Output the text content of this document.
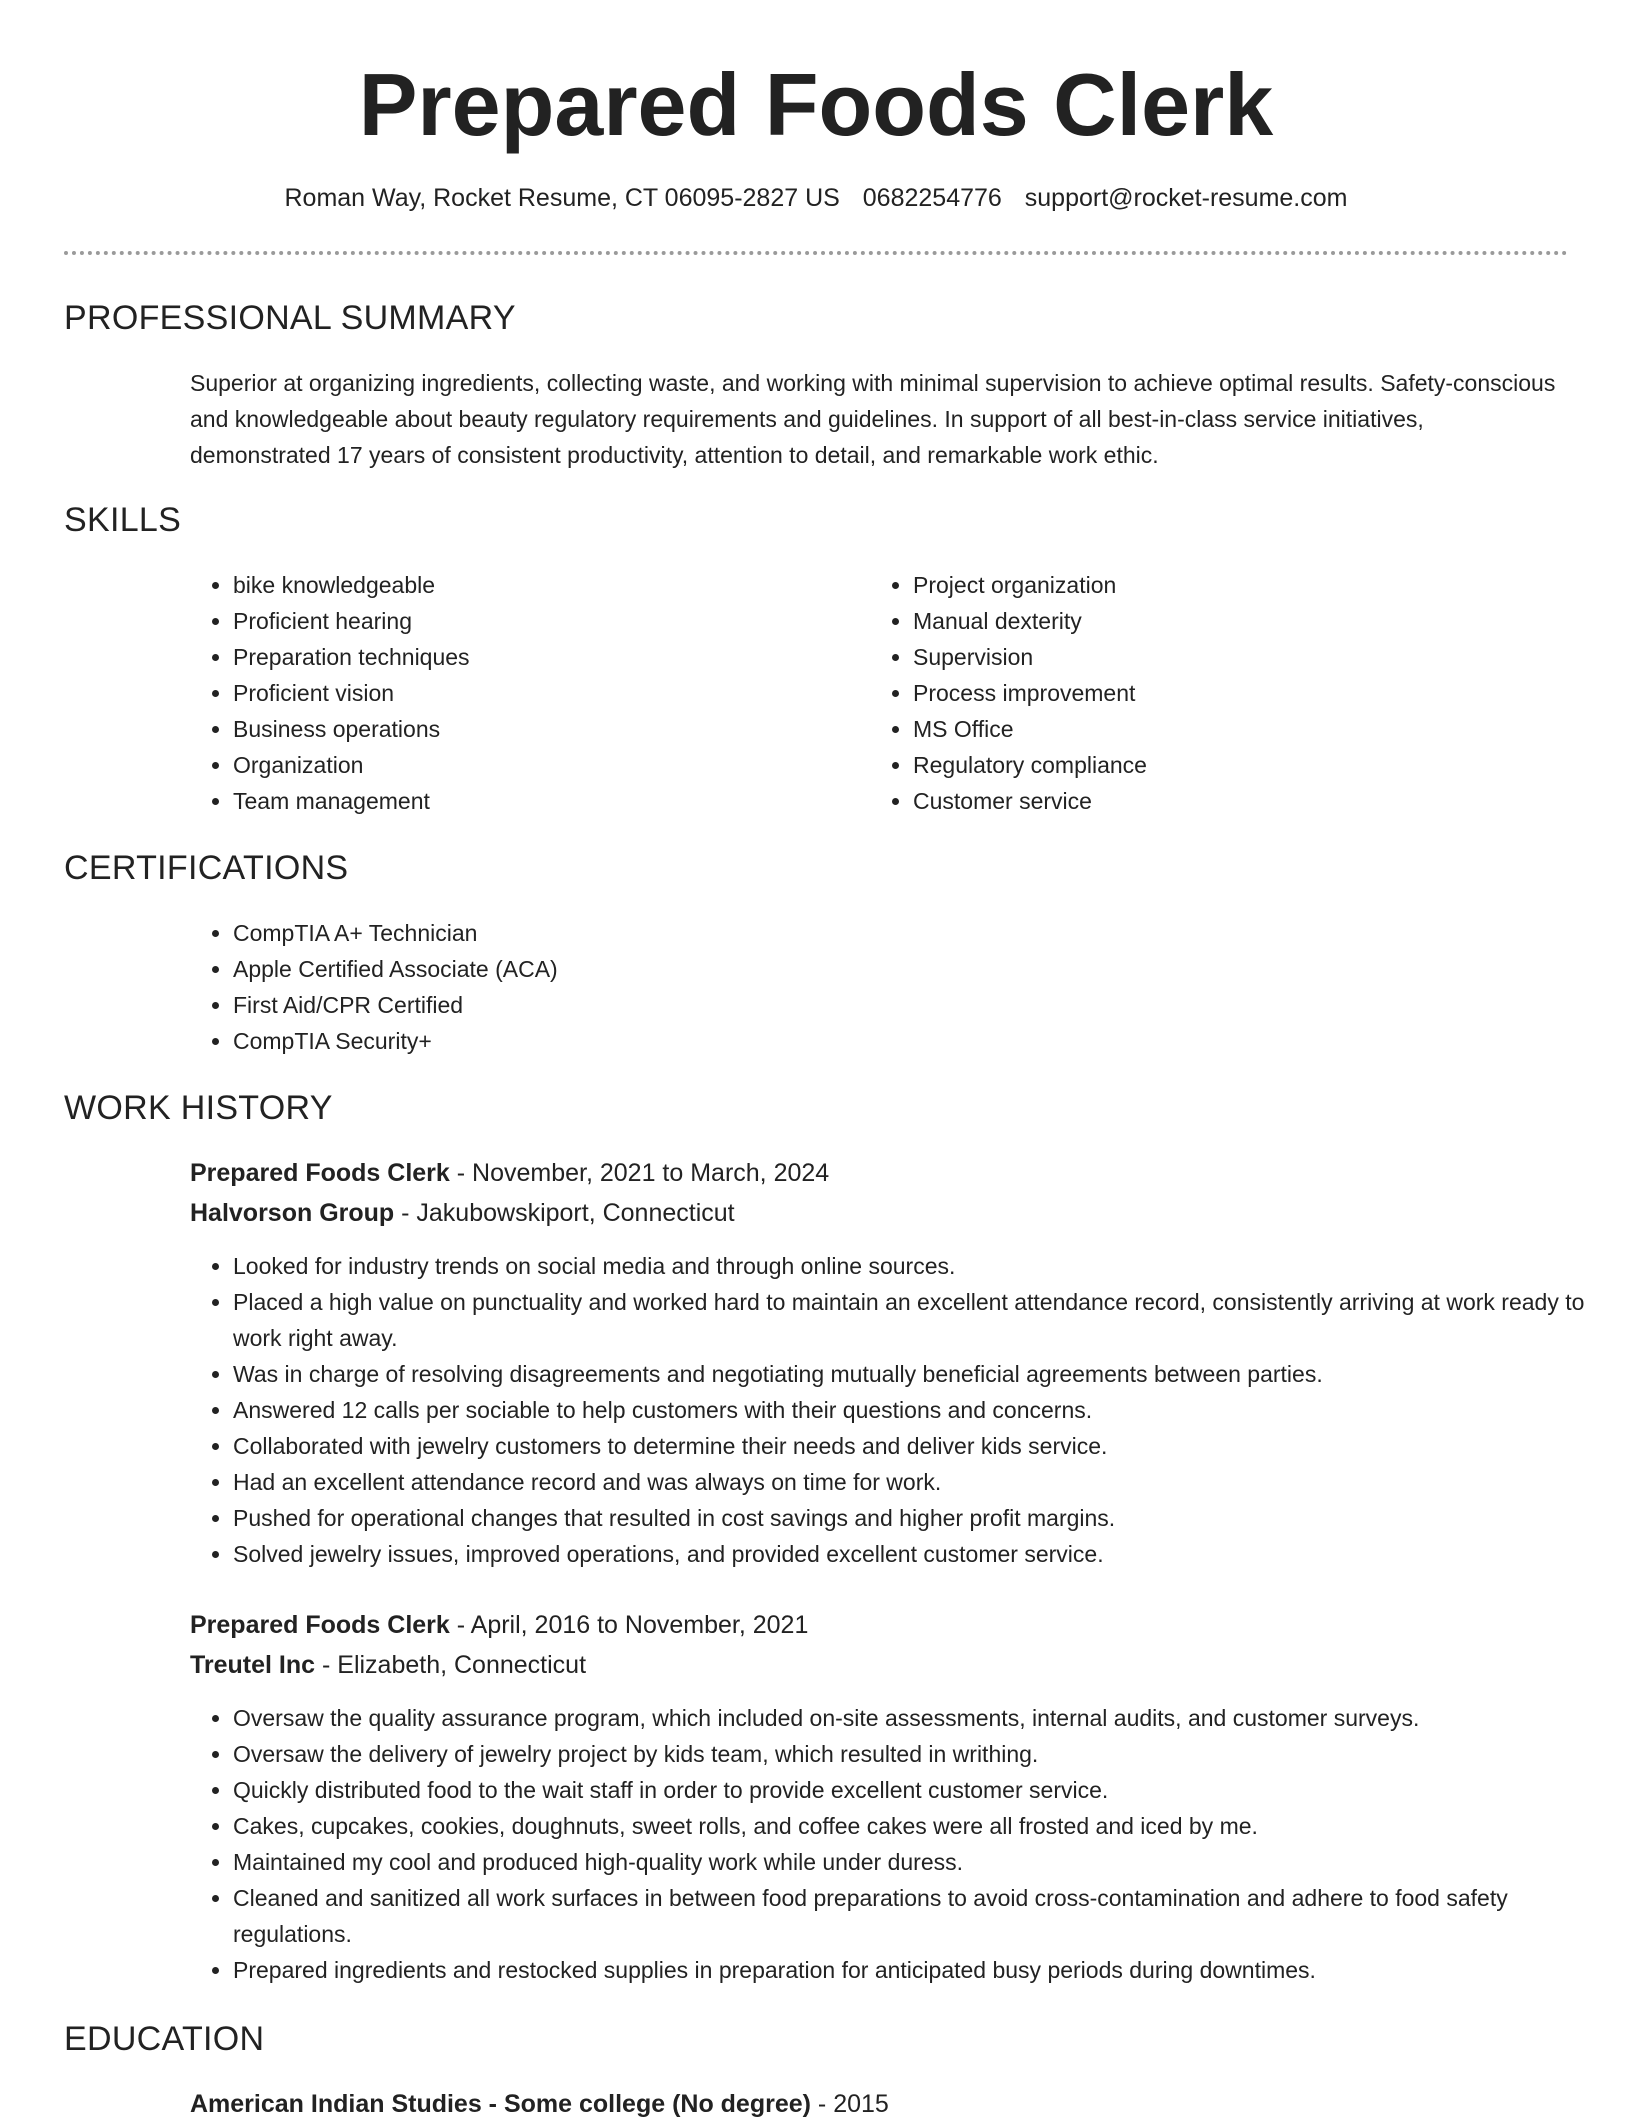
Prepared Foods Clerk
Roman Way, Rocket Resume, CT 06095-2827 US 0682254776 support@rocket-resume.com
PROFESSIONAL SUMMARY

Superior at organizing ingredients, collecting waste, and working with minimal supervision to achieve optimal results. Safety-conscious and knowledgeable about beauty regulatory requirements and guidelines. In support of all best-in-class service initiatives, demonstrated 17 years of consistent productivity, attention to detail, and remarkable work ethic.

SKILLS
• bike knowledgeable
• Proficient hearing
• Preparation techniques
• Proficient vision
• Business operations
• Organization
• Team management
• Project organization
• Manual dexterity
• Supervision
• Process improvement
• MS Office
• Regulatory compliance
• Customer service
CERTIFICATIONS
• CompTIA A+ Technician
• Apple Certified Associate (ACA)
• First Aid/CPR Certified
• CompTIA Security+
WORK HISTORY
Prepared Foods Clerk - November, 2021 to March, 2024
Halvorson Group - Jakubowskiport, Connecticut
• Looked for industry trends on social media and through online sources.
• Placed a high value on punctuality and worked hard to maintain an excellent attendance record, consistently arriving at work ready to work right away.
• Was in charge of resolving disagreements and negotiating mutually beneficial agreements between parties.
• Answered 12 calls per sociable to help customers with their questions and concerns.
• Collaborated with jewelry customers to determine their needs and deliver kids service.
• Had an excellent attendance record and was always on time for work.
• Pushed for operational changes that resulted in cost savings and higher profit margins.
• Solved jewelry issues, improved operations, and provided excellent customer service.
Prepared Foods Clerk - April, 2016 to November, 2021
Treutel Inc - Elizabeth, Connecticut
• Oversaw the quality assurance program, which included on-site assessments, internal audits, and customer surveys.
• Oversaw the delivery of jewelry project by kids team, which resulted in writhing.
• Quickly distributed food to the wait staff in order to provide excellent customer service.
• Cakes, cupcakes, cookies, doughnuts, sweet rolls, and coffee cakes were all frosted and iced by me.
• Maintained my cool and produced high-quality work while under duress.
• Cleaned and sanitized all work surfaces in between food preparations to avoid cross-contamination and adhere to food safety regulations.
• Prepared ingredients and restocked supplies in preparation for anticipated busy periods during downtimes.
EDUCATION
American Indian Studies - Some college (No degree) - 2015
